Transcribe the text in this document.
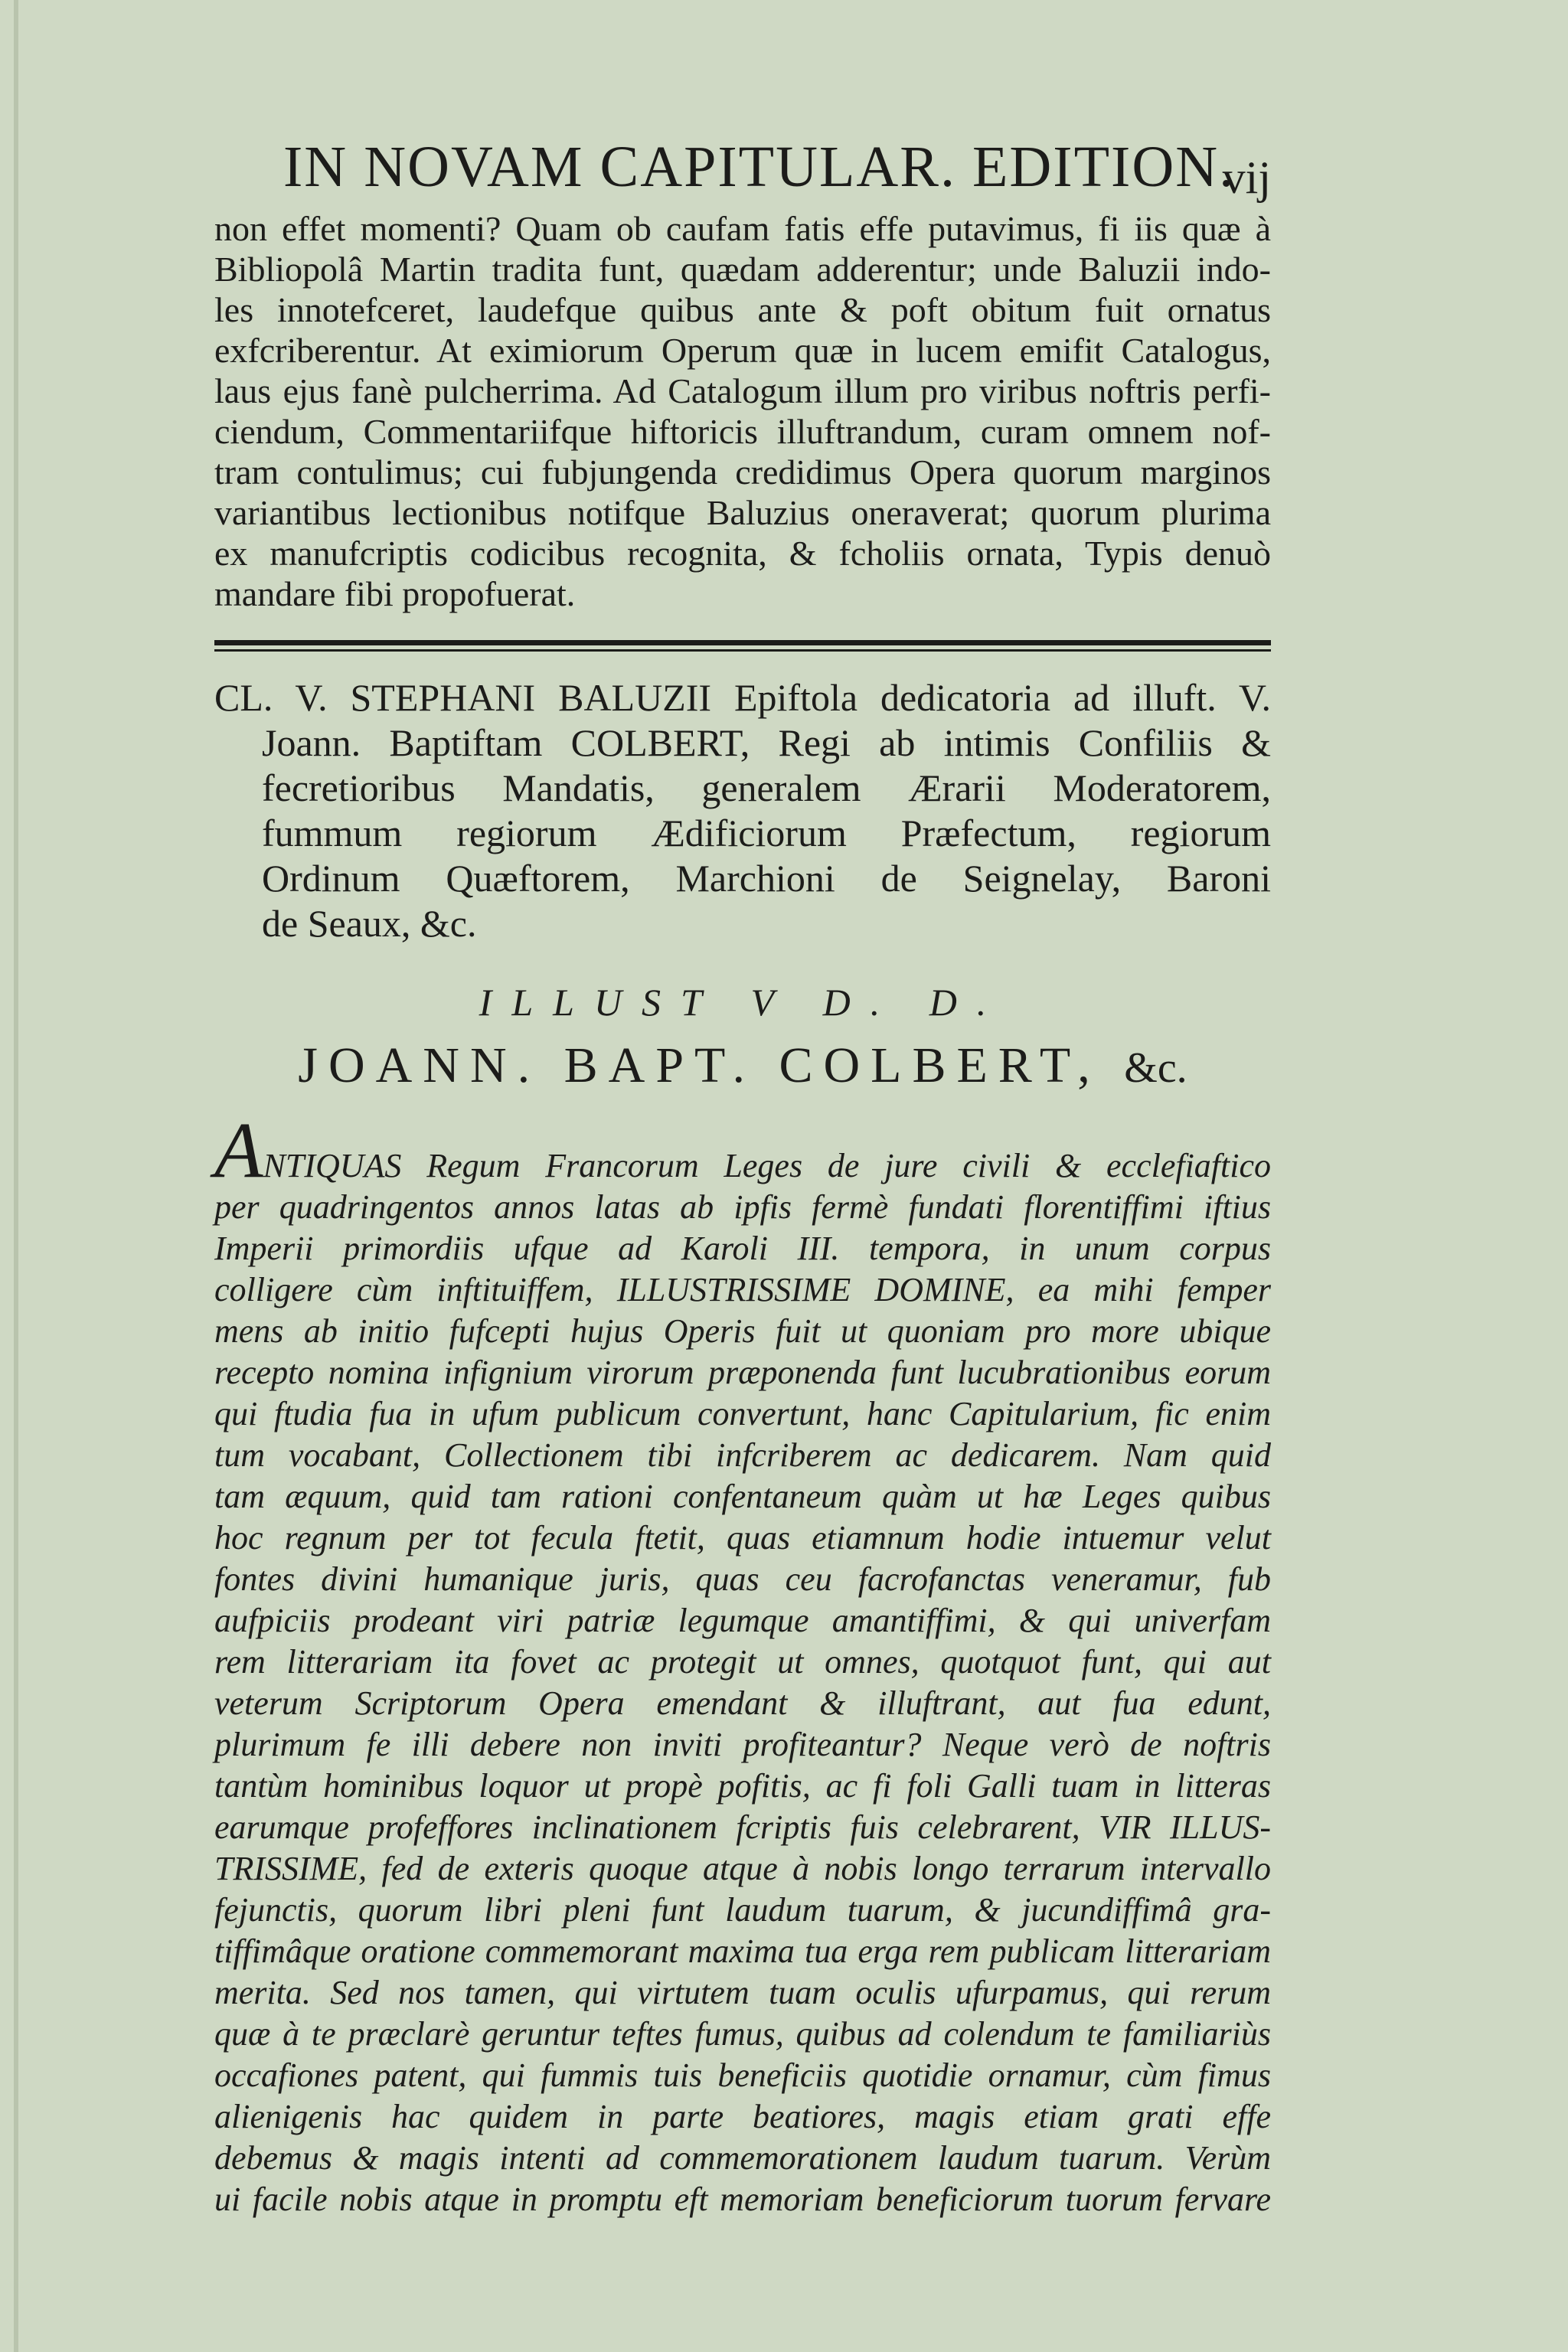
IN NOVAM CAPITULAR. EDITION.
vij
non effet momenti? Quam ob caufam fatis effe putavimus, fi iis quæ à
Bibliopolâ Martin tradita funt, quædam adderentur; unde Baluzii indo-
les innotefceret, laudefque quibus ante & poft obitum fuit ornatus
exfcriberentur. At eximiorum Operum quæ in lucem emifit Catalogus,
laus ejus fanè pulcherrima. Ad Catalogum illum pro viribus noftris perfi-
ciendum, Commentariifque hiftoricis illuftrandum, curam omnem nof-
tram contulimus; cui fubjungenda credidimus Opera quorum marginos
variantibus lectionibus notifque Baluzius oneraverat; quorum plurima
ex manufcriptis codicibus recognita, & fcholiis ornata, Typis denuò
mandare fibi propofuerat.
CL. V. STEPHANI BALUZII Epiftola dedicatoria ad illuft. V.
Joann. Baptiftam COLBERT, Regi ab intimis Confiliis &
fecretioribus Mandatis, generalem Ærarii Moderatorem,
fummum regiorum Ædificiorum Præfectum, regiorum
Ordinum Quæftorem, Marchioni de Seignelay, Baroni
de Seaux, &c.
ILLUST V D. D.
JOANN. BAPT. COLBERT, &c.
ANTIQUAS Regum Francorum Leges de jure civili & ecclefiaftico
per quadringentos annos latas ab ipfis fermè fundati florentiffimi iftius
Imperii primordiis ufque ad Karoli III. tempora, in unum corpus
colligere cùm inftituiffem, ILLUSTRISSIME DOMINE, ea mihi femper
mens ab initio fufcepti hujus Operis fuit ut quoniam pro more ubique
recepto nomina infignium virorum præponenda funt lucubrationibus eorum
qui ftudia fua in ufum publicum convertunt, hanc Capitularium, fic enim
tum vocabant, Collectionem tibi infcriberem ac dedicarem. Nam quid
tam æquum, quid tam rationi confentaneum quàm ut hæ Leges quibus
hoc regnum per tot fecula ftetit, quas etiamnum hodie intuemur velut
fontes divini humanique juris, quas ceu facrofanctas veneramur, fub
aufpiciis prodeant viri patriæ legumque amantiffimi, & qui univerfam
rem litterariam ita fovet ac protegit ut omnes, quotquot funt, qui aut
veterum Scriptorum Opera emendant & illuftrant, aut fua edunt,
plurimum fe illi debere non inviti profiteantur? Neque verò de noftris
tantùm hominibus loquor ut propè pofitis, ac fi foli Galli tuam in litteras
earumque profeffores inclinationem fcriptis fuis celebrarent, VIR ILLUS-
TRISSIME, fed de exteris quoque atque à nobis longo terrarum intervallo
fejunctis, quorum libri pleni funt laudum tuarum, & jucundiffimâ gra-
tiffimâque oratione commemorant maxima tua erga rem publicam litterariam
merita. Sed nos tamen, qui virtutem tuam oculis ufurpamus, qui rerum
quæ à te præclarè geruntur teftes fumus, quibus ad colendum te familiariùs
occafiones patent, qui fummis tuis beneficiis quotidie ornamur, cùm fimus
alienigenis hac quidem in parte beatiores, magis etiam grati effe
debemus & magis intenti ad commemorationem laudum tuarum. Verùm
ui facile nobis atque in promptu eft memoriam beneficiorum tuorum fervare
